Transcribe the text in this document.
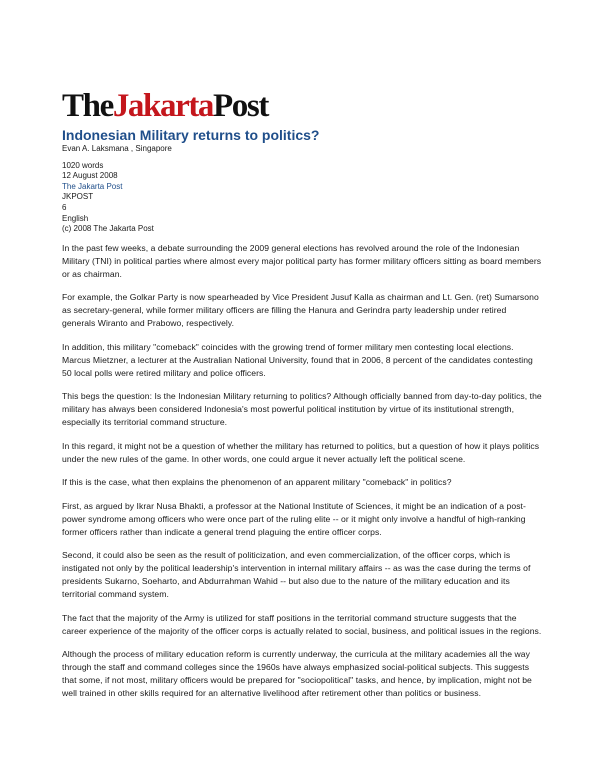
TheJakartaPost
Indonesian Military returns to politics?
Evan A. Laksmana , Singapore
1020 words
12 August 2008
The Jakarta Post
JKPOST
6
English
(c) 2008 The Jakarta Post

In the past few weeks, a debate surrounding the 2009 general elections has revolved around the role of the Indonesian Military (TNI) in political parties where almost every major political party has former military officers sitting as board members or as chairman.

For example, the Golkar Party is now spearheaded by Vice President Jusuf Kalla as chairman and Lt. Gen. (ret) Sumarsono as secretary-general, while former military officers are filling the Hanura and Gerindra party leadership under retired generals Wiranto and Prabowo, respectively.

In addition, this military "comeback" coincides with the growing trend of former military men contesting local elections. Marcus Mietzner, a lecturer at the Australian National University, found that in 2006, 8 percent of the candidates contesting 50 local polls were retired military and police officers.

This begs the question: Is the Indonesian Military returning to politics? Although officially banned from day-to-day politics, the military has always been considered Indonesia's most powerful political institution by virtue of its institutional strength, especially its territorial command structure.

In this regard, it might not be a question of whether the military has returned to politics, but a question of how it plays politics under the new rules of the game. In other words, one could argue it never actually left the political scene.

If this is the case, what then explains the phenomenon of an apparent military "comeback" in politics?

First, as argued by Ikrar Nusa Bhakti, a professor at the National Institute of Sciences, it might be an indication of a post-power syndrome among officers who were once part of the ruling elite -- or it might only involve a handful of high-ranking former officers rather than indicate a general trend plaguing the entire officer corps.

Second, it could also be seen as the result of politicization, and even commercialization, of the officer corps, which is instigated not only by the political leadership's intervention in internal military affairs -- as was the case during the terms of presidents Sukarno, Soeharto, and Abdurrahman Wahid -- but also due to the nature of the military education and its territorial command system.

The fact that the majority of the Army is utilized for staff positions in the territorial command structure suggests that the career experience of the majority of the officer corps is actually related to social, business, and political issues in the regions.

Although the process of military education reform is currently underway, the curricula at the military academies all the way through the staff and command colleges since the 1960s have always emphasized social-political subjects. This suggests that some, if not most, military officers would be prepared for "sociopolitical" tasks, and hence, by implication, might not be well trained in other skills required for an alternative livelihood after retirement other than politics or business.
